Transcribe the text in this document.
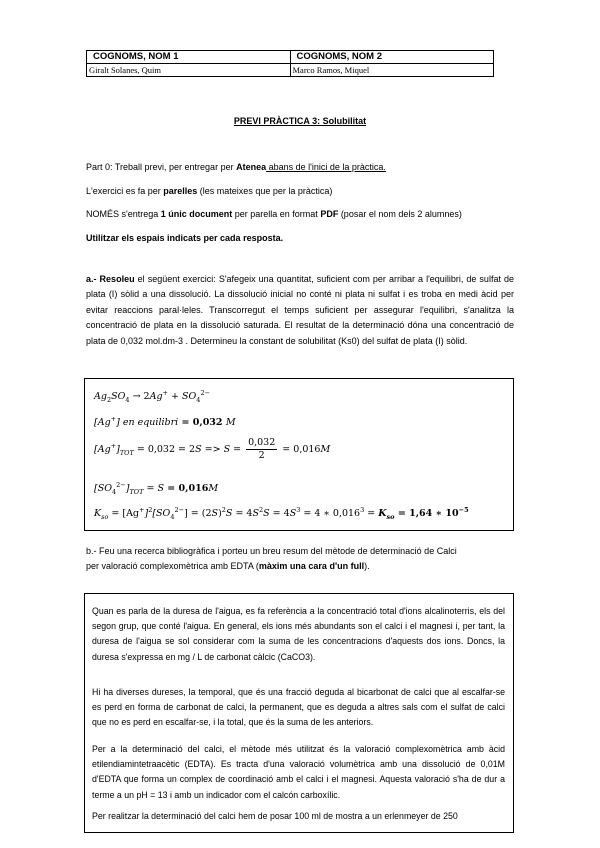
COGNOMS, NOM 1	COGNOMS, NOM 2
Giralt Solanes, Quim	Marco Ramos, Miquel
PREVI PRÀCTICA 3: Solubilitat
Part 0: Treball previ, per entregar per Atenea abans de l'inici de la pràctica.
L'exercici es fa per parelles (les mateixes que per la pràctica)
NOMÉS s'entrega 1 únic document per parella en format PDF (posar el nom dels 2 alumnes)
Utilitzar els espais indicats per cada resposta.
a.- Resoleu el següent exercici: S'afegeix una quantitat, suficient com per arribar a l'equilibri, de sulfat de plata (I) sòlid a una dissolució. La dissolució inicial no conté ni plata ni sulfat i es troba en medi àcid per evitar reaccions paral·leles. Transcorregut el temps suficient per assegurar l'equilibri, s'analitza la concentració de plata en la dissolució saturada. El resultat de la determinació dóna una concentració de plata de 0,032 mol.dm-3 . Determineu la constant de solubilitat (Ks0) del sulfat de plata (I) sòlid.
$Ag_2SO_4 \to 2Ag^+ + SO_4^{2-}$
[Ag+] en equilibri = 0,032 M
$[Ag^+]_{TOT} = 0,032 = 2S => S = \frac{0,032}{2} = 0,016M$
$[SO_4^{2-}]_{TOT} = S = 0,016M$
$K_{so} = [Ag^+]^2[SO_4^{2-}] = (2S)^2S = 4S^2S = 4S^3 = 4$ ∗ $0,016^3 = K_{so} = 1,64$ ∗ $10^{-5}$
b.- Feu una recerca bibliogràfica i porteu un breu resum del mètode de determinació de Calci
per valoració complexomètrica amb EDTA (màxim una cara d'un full).

Quan es parla de la duresa de l'aigua, es fa referència a la concentració total d'ions alcalinoterris, els del segon grup, que conté l'aigua. En general, els ions més abundants son el calci i el magnesi i, per tant, la duresa de l'aigua se sol considerar com la suma de les concentracions d'aquests dos ions. Doncs, la duresa s'expressa en mg / L de carbonat càlcic (CaCO3).

Hi ha diverses dureses, la temporal, que és una fracció deguda al bicarbonat de calci que al escalfar-se es perd en forma de carbonat de calci, la permanent, que es deguda a altres sals com el sulfat de calci que no es perd en escalfar-se, i la total, que és la suma de les anteriors.

Per a la determinació del calci, el mètode més utilitzat és la valoració complexomètrica amb àcid etilendiamintetraacètic (EDTA). Es tracta d'una valoració volumètrica amb una dissolució de 0,01M d'EDTA que forma un complex de coordinació amb el calci i el magnesi. Aquesta valoració s'ha de dur a terme a un pH = 13 i amb un indicador com el calcón carboxílic.

Per realitzar la determinació del calci hem de posar 100 ml de mostra a un erlenmeyer de 250
